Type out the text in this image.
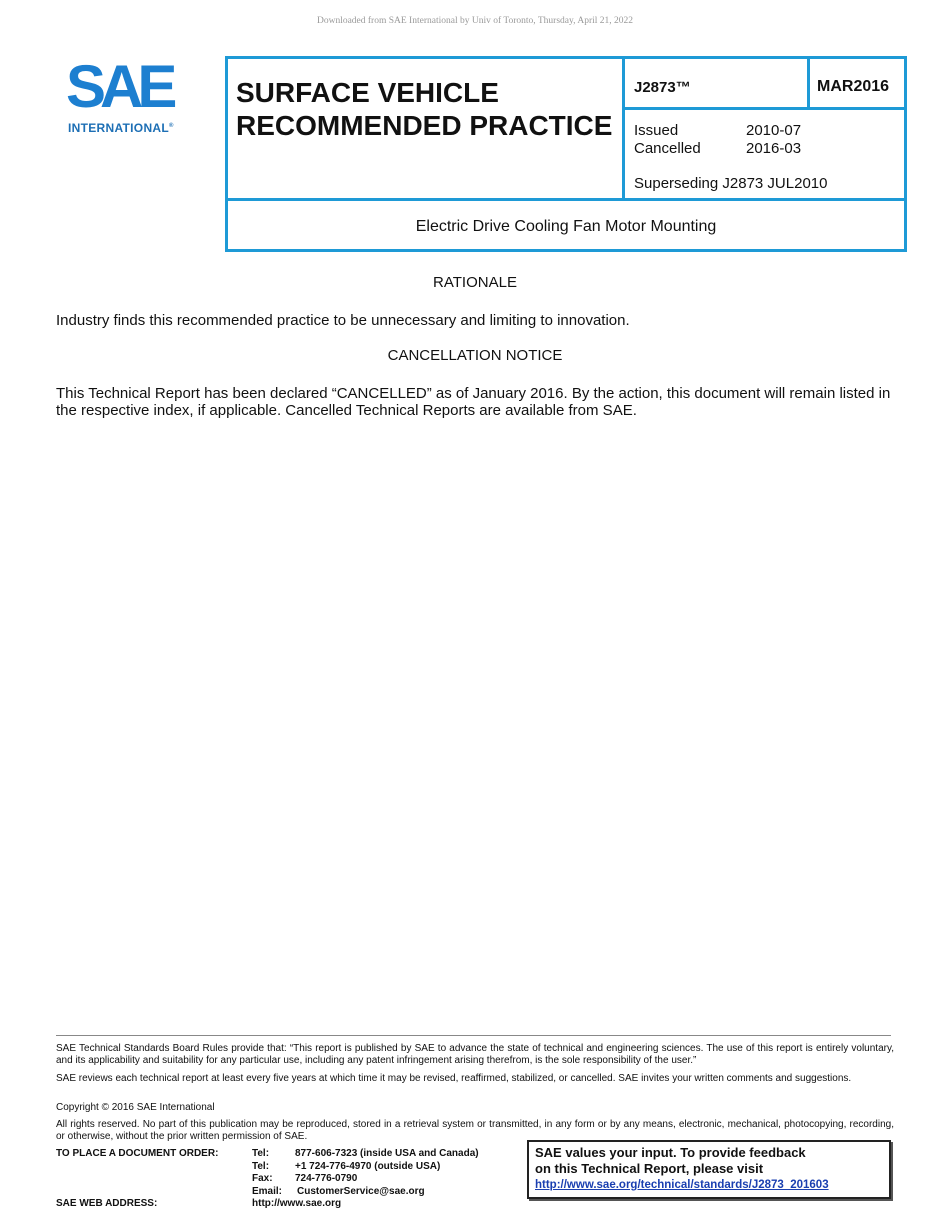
Downloaded from SAE International by Univ of Toronto, Thursday, April 21, 2022
SAE
INTERNATIONAL®
SURFACE VEHICLE
RECOMMENDED PRACTICE
J2873™	MAR2016
Issued	2010-07
Cancelled	2016-03
Superseding J2873 JUL2010
Electric Drive Cooling Fan Motor Mounting
RATIONALE
Industry finds this recommended practice to be unnecessary and limiting to innovation.
CANCELLATION NOTICE
This Technical Report has been declared “CANCELLED” as of January 2016. By the action, this document will remain listed in the respective index, if applicable. Cancelled Technical Reports are available from SAE.
SAE Technical Standards Board Rules provide that: “This report is published by SAE to advance the state of technical and engineering sciences. The use of this report is entirely voluntary, and its applicability and suitability for any particular use, including any patent infringement arising therefrom, is the sole responsibility of the user.”
SAE reviews each technical report at least every five years at which time it may be revised, reaffirmed, stabilized, or cancelled. SAE invites your written comments and suggestions.
Copyright © 2016 SAE International
All rights reserved. No part of this publication may be reproduced, stored in a retrieval system or transmitted, in any form or by any means, electronic, mechanical, photocopying, recording, or otherwise, without the prior written permission of SAE.
TO PLACE A DOCUMENT ORDER:
SAE WEB ADDRESS:
Tel:	877-606-7323 (inside USA and Canada)
Tel:	+1 724-776-4970 (outside USA)
Fax: 724-776-0790
Email: CustomerService@sae.org
http://www.sae.org
SAE values your input. To provide feedback
on this Technical Report, please visit
http://www.sae.org/technical/standards/J2873_201603
